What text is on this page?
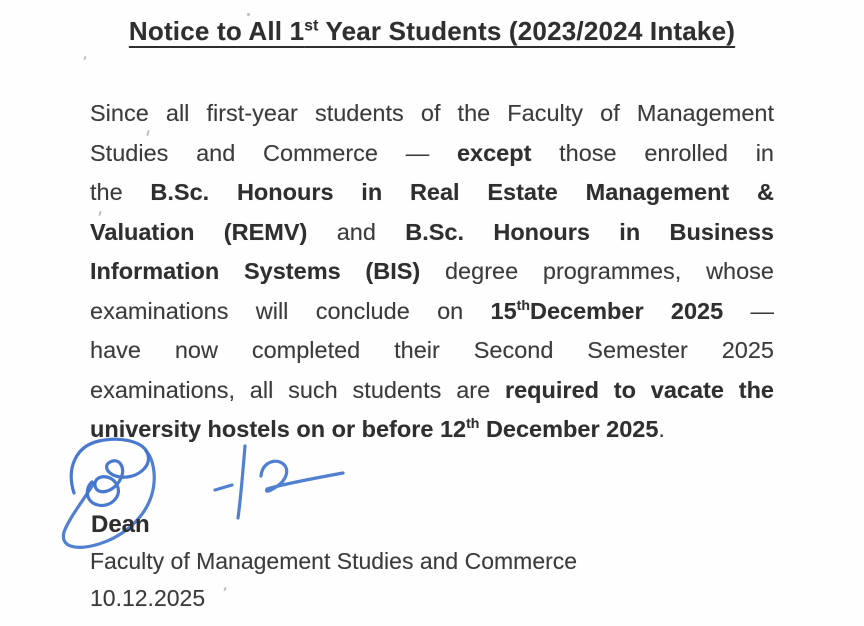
Notice to All 1st Year Students (2023/2024 Intake)
Since all first-year students of the Faculty of Management
Studies and Commerce — except those enrolled in
the B.Sc. Honours in Real Estate Management &
Valuation (REMV) and B.Sc. Honours in Business
Information Systems (BIS) degree programmes, whose
examinations will conclude on 15thDecember 2025 —
have now completed their Second Semester 2025
examinations, all such students are required to vacate the
university hostels on or before 12th December 2025.
Dean
Faculty of Management Studies and Commerce
10.12.2025
